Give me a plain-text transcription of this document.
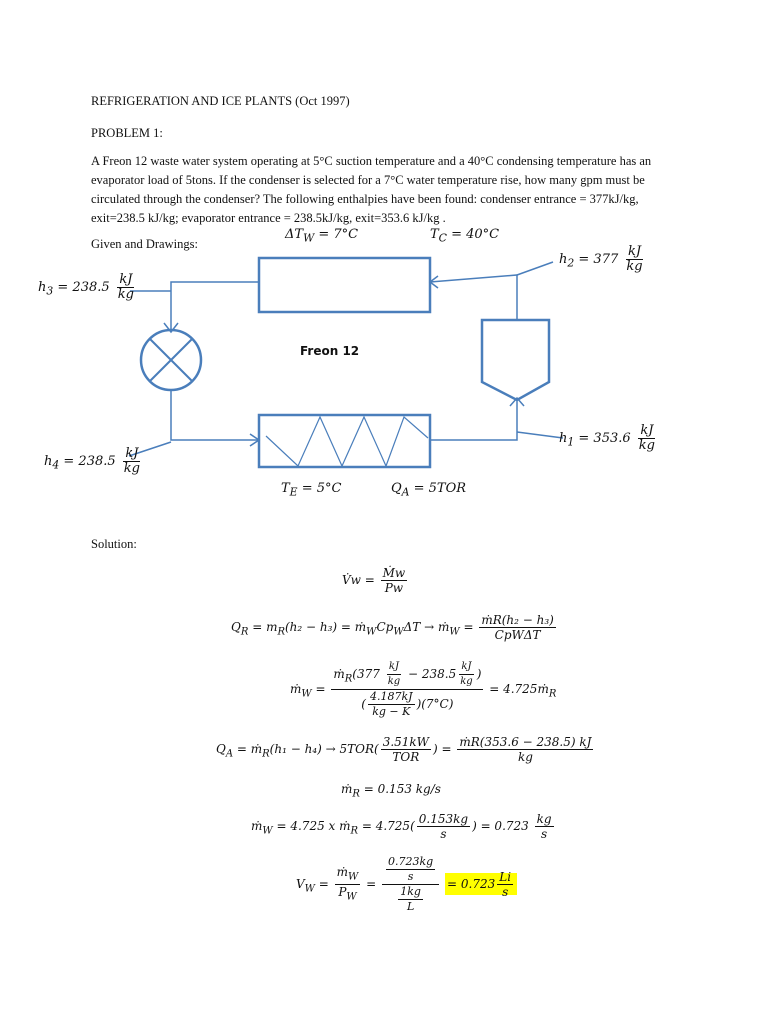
REFRIGERATION AND ICE PLANTS (Oct 1997)
PROBLEM 1:
A Freon 12 waste water system operating at 5°C suction temperature and a 40°C condensing temperature has an
evaporator load of 5tons. If the condenser is selected for a 7°C water temperature rise, how many gpm must be
circulated through the condenser? The following enthalpies have been found: condenser entrance = 377kJ/kg,
exit=238.5 kJ/kg; evaporator entrance = 238.5kJ/kg, exit=353.6 kJ/kg .
Given and Drawings:
$\Delta T_W = 7^\circ C$	$T_C = 40^\circ C$
$h_2 = 377 \frac{kJ}{kg}$
$h_3 = 238.5 \frac{kJ}{kg}$
Freon 12
$h_1 = 353.6 \frac{kJ}{kg}$
$h_4 = 238.5 \frac{kJ}{kg}$
$T_E = 5^\circ C$	$Q_A = 5TOR$
Solution:
V̇w = $\frac{\text{Ṁw}}{Pw}$
$Q_R = m_R(h_2 - h_3)$ = $ṁ_WCp_W\Delta T$ → ṁ$_W$ = $\frac{\text{ṁR(h₂ − h₃)}}{\text{CpWΔT}}$
ṁ$_W$ = $\frac{ṁ_R(377 \frac{kJ}{kg} - 238.5 \frac{kJ}{kg} )}{( \frac{4.187kJ}{kg - K} )(7^\circ C)}$ = 4.725ṁ$_R$
$Q_A$ = ṁ$_R$(h₁ − $h_4) \to 5TOR( \frac{3.51kW}{\text{TOR}}$ ) = $\frac{\text{ṁR(353.6 − 238.5) kJ}}{kg}$
ṁ$_R$ = 0.153 kg/s
ṁ$_W$ = 4.725 x ṁ$_R$ = $4.725( \frac{0.153kg}{s}$ ) = $0.723 \frac{kg}{s}$
$V_W = \frac{ṁ_W}{P_W} = \frac{\frac{0.723kg}{s}}{\frac{1kg}{L}} = 0.723 \frac{Li}{s}$
